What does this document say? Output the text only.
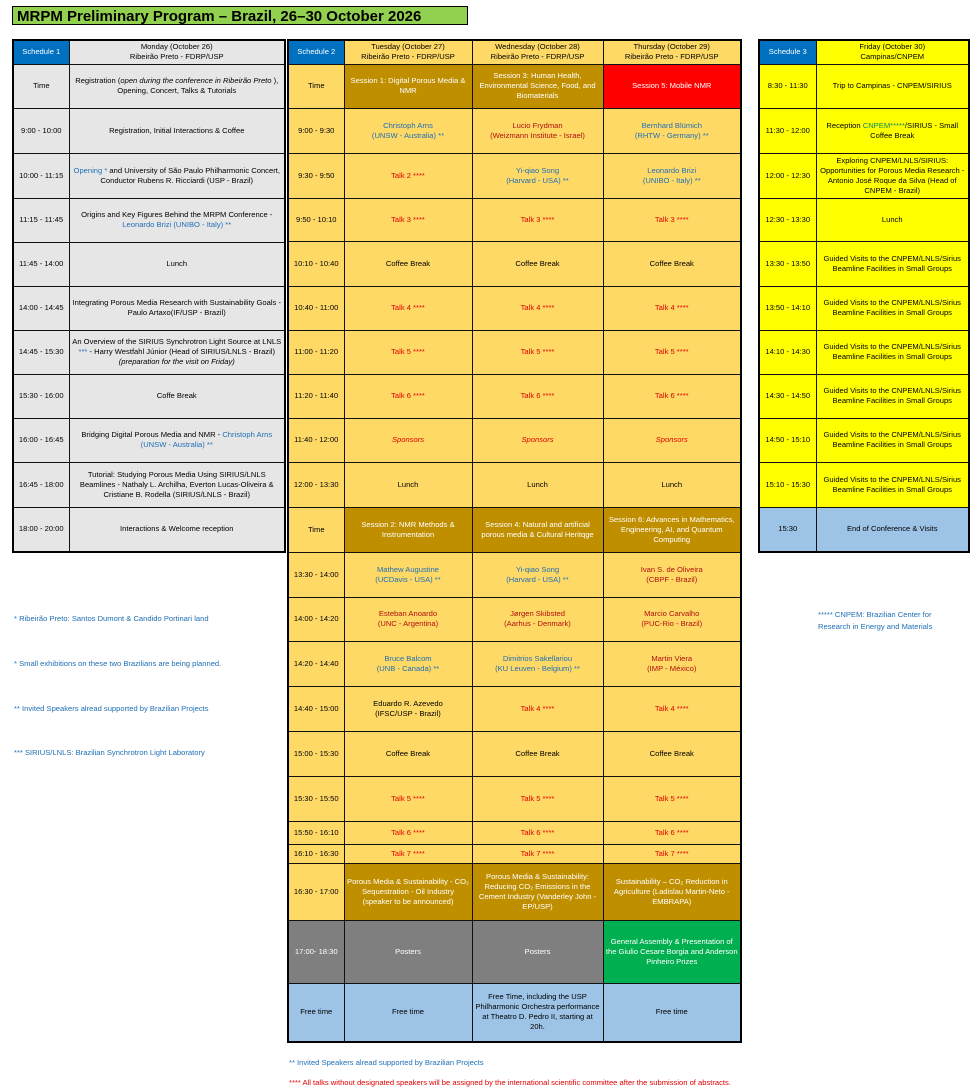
MRPM Preliminary Program – Brazil, 26–30 October 2026
Schedule 1	Monday (October 26)
Ribeirão Preto - FDRP/USP
Time	Registration (open during the conference in Ribeirão Preto ), Opening, Concert, Talks & Tutorials

9:00 - 10:00	Registration, Initial Interactions & Coffee

10:00 - 11:15	Opening * and University of São Paulo Philharmonic Concert, Conductor Rubens R. Ricciardi (USP - Brazil)

11:15 - 11:45	Origins and Key Figures Behind the MRPM Conference - Leonardo Brizi (UNIBO - Italy) **

11:45 - 14:00	Lunch

14:00 - 14:45	Integrating Porous Media Research with Sustainability Goals - Paulo Artaxo(IF/USP - Brazil)

14:45 - 15:30	An Overview of the SIRIUS Synchrotron Light Source at LNLS *** - Harry Westfahl Júnior (Head of SIRIUS/LNLS - Brazil) (preparation for the visit on Friday)

15:30 - 16:00	Coffe Break

16:00 - 16:45	Bridging Digital Porous Media and NMR - Christoph Arns (UNSW - Australia) **

16:45 - 18:00	Tutorial: Studying Porous Media Using SIRIUS/LNLS Beamlines - Nathaly L. Archilha, Everton Lucas-Oliveira & Cristiane B. Rodella (SIRIUS/LNLS - Brazil)

18:00 - 20:00	Interactions & Welcome reception
Schedule 2	Tuesday (October 27)
Ribeirão Preto - FDRP/USP	Wednesday (October 28)
Ribeirão Preto - FDRP/USP	Thursday (October 29)
Ribeirão Preto - FDRP/USP
Time	Session 1: Digital Porous Media & NMR	Session 3: Human Health, Environmental Science, Food, and Biomaterials	Session 5: Mobile NMR

9:00 - 9:30	Christoph Arns
(UNSW - Australia) **	Lucio Frydman
(Weizmann Institute - Israel)	Bernhard Blümich
(RHTW - Germany) **

9:30 - 9:50	Talk 2 ****	Yi-qiao Song
(Harvard - USA) **	Leonardo Brizi
(UNIBO - Italy) **

9:50 - 10:10	Talk 3 ****	Talk 3 ****	Talk 3 ****

10:10 - 10:40	Coffee Break	Coffee Break	Coffee Break

10:40 - 11:00	Talk 4 ****	Talk 4 ****	Talk 4 ****

11:00 - 11:20	Talk 5 ****	Talk 5 ****	Talk 5 ****

11:20 - 11:40	Talk 6 ****	Talk 6 ****	Talk 6 ****

11:40 - 12:00	Sponsors	Sponsors	Sponsors

12:00 - 13:30	Lunch	Lunch	Lunch

Time	Session 2: NMR Methods & Instrumentation	Session 4: Natural and artificial porous media & Cultural Heritqge	Session 6: Advances in Mathematics, Engineering, AI, and Quantum Computing

13:30 - 14:00	Mathew Augustine
(UCDavis - USA) **	Yi-qiao Song
(Harvard - USA) **	Ivan S. de Oliveira
(CBPF - Brazil)

14:00 - 14:20	Esteban Anoardo
(UNC - Argentina)	Jørgen Skibsted
(Aarhus - Denmark)	Marcio Carvalho
(PUC-Rio - Brazil)

14:20 - 14:40	Bruce Balcom
(UNB - Canada) **	Dimitrios Sakellariou
(KU Leuven - Belgium) **	Martin Viera
(IMP - México)

14:40 - 15:00	Eduardo R. Azevedo
(IFSC/USP - Brazil)	Talk 4 ****	Talk 4 ****

15:00 - 15:30	Coffee Break	Coffee Break	Coffee Break

15:30 - 15:50	Talk 5 ****	Talk 5 ****	Talk 5 ****

15:50 - 16:10	Talk 6 ****	Talk 6 ****	Talk 6 ****

16:10 - 16:30	Talk 7 ****	Talk 7 ****	Talk 7 ****

16:30 - 17:00	Porous Media & Sustainability - CO₂ Sequestration - Oil Industry (speaker to be announced)	Porous Media & Sustainability: Reducing CO₂ Emissions in the Cement Industry (Vanderley John - EP/USP)	Sustainability – CO₂ Reduction in Agriculture (Ladislau Martin-Neto - EMBRAPA)

17:00- 18:30	Posters	Posters	General Assembly & Presentation of the Giulio Cesare Borgia and Anderson Pinheiro Prizes

Free time	Free time	Free Time, including the USP Philharmonic Orchestra performance at Theatro D. Pedro II, starting at 20h.	Free time
Schedule 3	Friday (October 30)
Campinas/CNPEM
8:30 - 11:30	Trip to Campinas - CNPEM/SIRIUS

11:30 - 12:00	Reception CNPEM*****/SIRIUS - Small Coffee Break

12:00 - 12:30	Exploring CNPEM/LNLS/SIRIUS: Opportunities for Porous Media Research - Antonio José Roque da Silva (Head of CNPEM - Brazil)

12:30 - 13:30	Lunch

13:30 - 13:50	Guided Visits to the CNPEM/LNLS/Sirius Beamline Facilities in Small Groups

13:50 - 14:10	Guided Visits to the CNPEM/LNLS/Sirius Beamline Facilities in Small Groups

14:10 - 14:30	Guided Visits to the CNPEM/LNLS/Sirius Beamline Facilities in Small Groups

14:30 - 14:50	Guided Visits to the CNPEM/LNLS/Sirius Beamline Facilities in Small Groups

14:50 - 15:10	Guided Visits to the CNPEM/LNLS/Sirius Beamline Facilities in Small Groups

15:10 - 15:30	Guided Visits to the CNPEM/LNLS/Sirius Beamline Facilities in Small Groups

15:30	End of Conference & Visits
* Ribeirão Preto: Santos Dumont & Candido Portinari land
* Small exhibitions on these two Brazilians are being planned.
** Invited Speakers alread supported by Brazilian Projects
*** SIRIUS/LNLS: Brazilian Synchrotron Light Laboratory
***** CNPEM: Brazilian Center for
Research in Energy and Materials
** Invited Speakers alread supported by Brazilian Projects
**** All talks without designated speakers will be assigned by the international scientific committee after the submission of abstracts.
